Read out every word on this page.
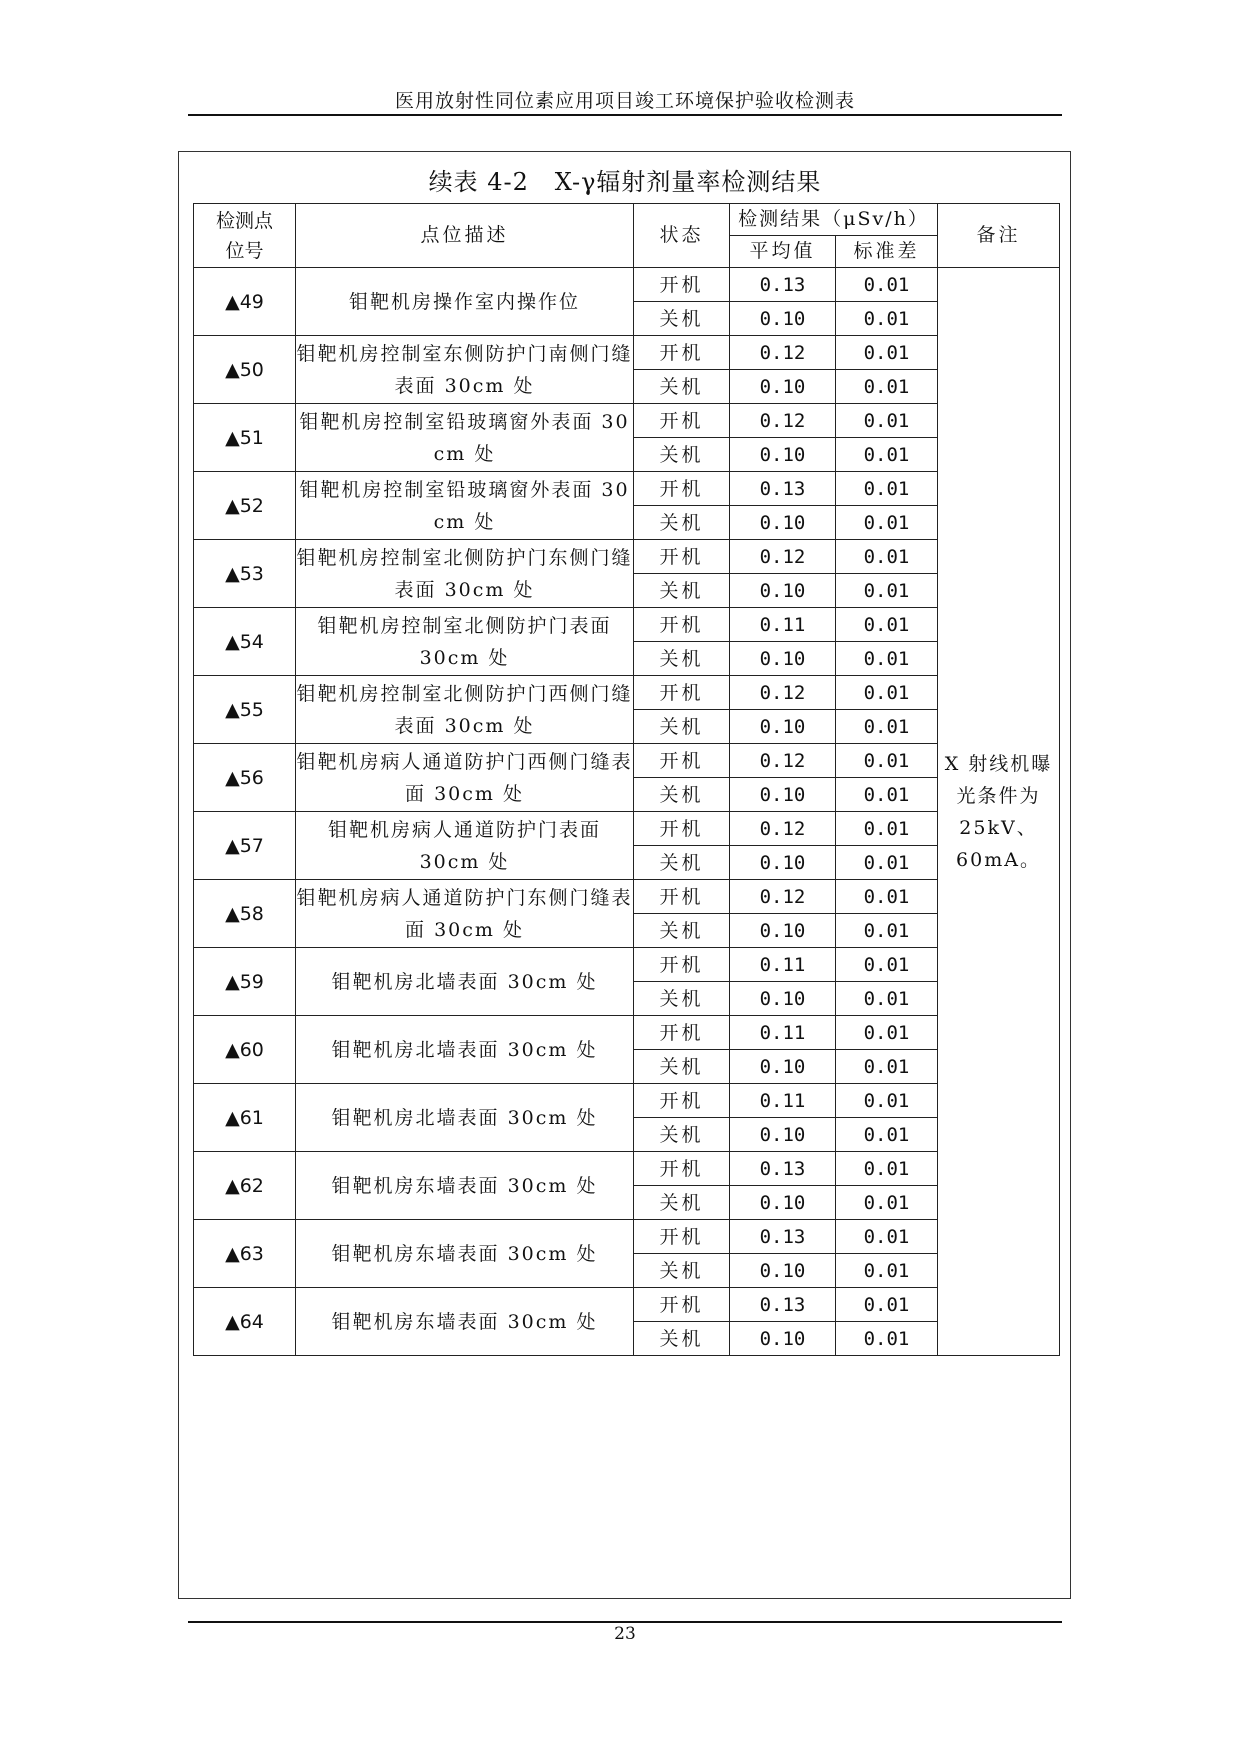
医用放射性同位素应用项目竣工环境保护验收检测表
续表 4-2   X-γ辐射剂量率检测结果
检测点
位号	点位描述	状态	检测结果（μSv/h）		备注
			平均值	标准差	
▲49	钼靶机房操作室内操作位	开机	0.13	0.01	X 射线机曝光条件为 25kV、60mA。
		关机	0.10	0.01	
▲50	钼靶机房控制室东侧防护门南侧门缝表面 30cm 处	开机	0.12	0.01	
		关机	0.10	0.01	
▲51	钼靶机房控制室铅玻璃窗外表面 30 cm 处	开机	0.12	0.01	
		关机	0.10	0.01	
▲52	钼靶机房控制室铅玻璃窗外表面 30 cm 处	开机	0.13	0.01	
		关机	0.10	0.01	
▲53	钼靶机房控制室北侧防护门东侧门缝表面 30cm 处	开机	0.12	0.01	
		关机	0.10	0.01	
▲54	钼靶机房控制室北侧防护门表面 30cm 处	开机	0.11	0.01	
		关机	0.10	0.01	
▲55	钼靶机房控制室北侧防护门西侧门缝表面 30cm 处	开机	0.12	0.01	
		关机	0.10	0.01	
▲56	钼靶机房病人通道防护门西侧门缝表面 30cm 处	开机	0.12	0.01	
		关机	0.10	0.01	
▲57	钼靶机房病人通道防护门表面 30cm 处	开机	0.12	0.01	
		关机	0.10	0.01	
▲58	钼靶机房病人通道防护门东侧门缝表面 30cm 处	开机	0.12	0.01	
		关机	0.10	0.01	
▲59	钼靶机房北墙表面 30cm 处	开机	0.11	0.01	
		关机	0.10	0.01	
▲60	钼靶机房北墙表面 30cm 处	开机	0.11	0.01	
		关机	0.10	0.01	
▲61	钼靶机房北墙表面 30cm 处	开机	0.11	0.01	
		关机	0.10	0.01	
▲62	钼靶机房东墙表面 30cm 处	开机	0.13	0.01	
		关机	0.10	0.01	
▲63	钼靶机房东墙表面 30cm 处	开机	0.13	0.01	
		关机	0.10	0.01	
▲64	钼靶机房东墙表面 30cm 处	开机	0.13	0.01	
		关机	0.10	0.01	
23
